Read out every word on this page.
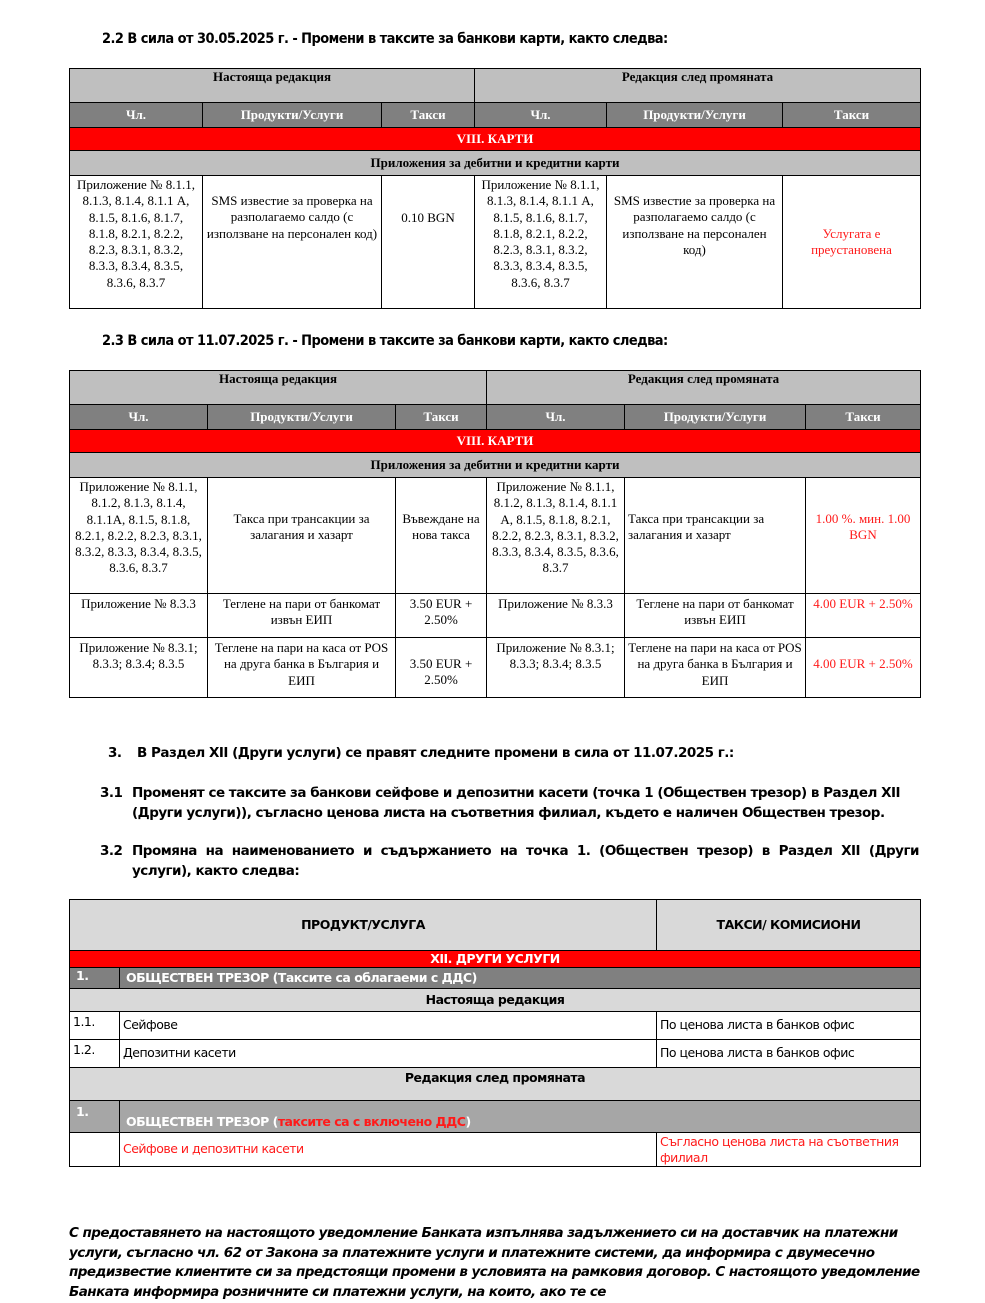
2.2 В сила от 30.05.2025 г. - Промени в таксите за банкови карти, както следва:
Настояща редакция			Редакция след промяната		
Чл.	Продукти/Услуги	Такси	Чл.	Продукти/Услуги	Такси
VIII. КАРТИ					
Приложения за дебитни и кредитни карти					
Приложение № 8.1.1, 8.1.3, 8.1.4, 8.1.1 А, 8.1.5, 8.1.6, 8.1.7, 8.1.8, 8.2.1, 8.2.2, 8.2.3, 8.3.1, 8.3.2, 8.3.3, 8.3.4, 8.3.5, 8.3.6, 8.3.7	SMS известие за проверка на разполагаемо салдо (с използване на персонален код)	0.10 BGN	Приложение № 8.1.1, 8.1.3, 8.1.4, 8.1.1 А, 8.1.5, 8.1.6, 8.1.7, 8.1.8, 8.2.1, 8.2.2, 8.2.3, 8.3.1, 8.3.2, 8.3.3, 8.3.4, 8.3.5, 8.3.6, 8.3.7	SMS известие за проверка на разполагаемо салдо (с използване на персонален код)	Услугата е преустановена
2.3 В сила от 11.07.2025 г. - Промени в таксите за банкови карти, както следва:
Настояща редакция			Редакция след промяната		
Чл.	Продукти/Услуги	Такси	Чл.	Продукти/Услуги	Такси
VIII. КАРТИ					
Приложения за дебитни и кредитни карти					
Приложение № 8.1.1, 8.1.2, 8.1.3, 8.1.4, 8.1.1А, 8.1.5, 8.1.8, 8.2.1, 8.2.2, 8.2.3, 8.3.1, 8.3.2, 8.3.3, 8.3.4, 8.3.5, 8.3.6, 8.3.7	Такса при трансакции за залагания и хазарт	Въвеждане на нова такса	Приложение № 8.1.1, 8.1.2, 8.1.3, 8.1.4, 8.1.1 А, 8.1.5, 8.1.8, 8.2.1, 8.2.2, 8.2.3, 8.3.1, 8.3.2, 8.3.3, 8.3.4, 8.3.5, 8.3.6, 8.3.7	Такса при трансакции за залагания и хазарт	1.00 %. мин. 1.00 BGN
Приложение № 8.3.3	Теглене на пари от банкомат извън ЕИП	3.50 EUR + 2.50%	Приложение № 8.3.3	Теглене на пари от банкомат извън ЕИП	4.00 EUR + 2.50%
Приложение № 8.3.1; 8.3.3; 8.3.4; 8.3.5	Теглене на пари на каса от POS на друга банка в България и ЕИП	3.50 EUR + 2.50%	Приложение № 8.3.1; 8.3.3; 8.3.4; 8.3.5	Теглене на пари на каса от POS на друга банка в България и ЕИП	4.00 EUR + 2.50%
3. В Раздел XII (Други услуги) се правят следните промени в сила от 11.07.2025 г.:
3.1 Променят се таксите за банкови сейфове и депозитни касети (точка 1 (Обществен трезор) в Раздел XII (Други услуги)), съгласно ценова листа на съответния филиал, където е наличен Обществен трезор.
3.2 Промяна на наименованието и съдържанието на точка 1. (Обществен трезор) в Раздел XII (Други услуги), както следва:
ПРОДУКТ/УСЛУГА		ТАКСИ/ КОМИСИОНИ
XII. ДРУГИ УСЛУГИ		
1.	ОБЩЕСТВЕН ТРЕЗОР (Таксите са облагаеми с ДДС)	
Настояща редакция		
1.1.	Сейфове	По ценова листа в банков офис
1.2.	Депозитни касети	По ценова листа в банков офис
Редакция след промяната		
1.	ОБЩЕСТВЕН ТРЕЗОР (таксите са с включено ДДС)	
	Сейфове и депозитни касети	Съгласно ценова листа на съответния филиал
С предоставянето на настоящото уведомление Банката изпълнява задължението си на доставчик на платежни услуги, съгласно чл. 62 от Закона за платежните услуги и платежните системи, да информира с двумесечно предизвестие клиентите си за предстоящи промени в условията на рамковия договор. С настоящото уведомление Банката информира розничните си платежни услуги, на които, ако те се
